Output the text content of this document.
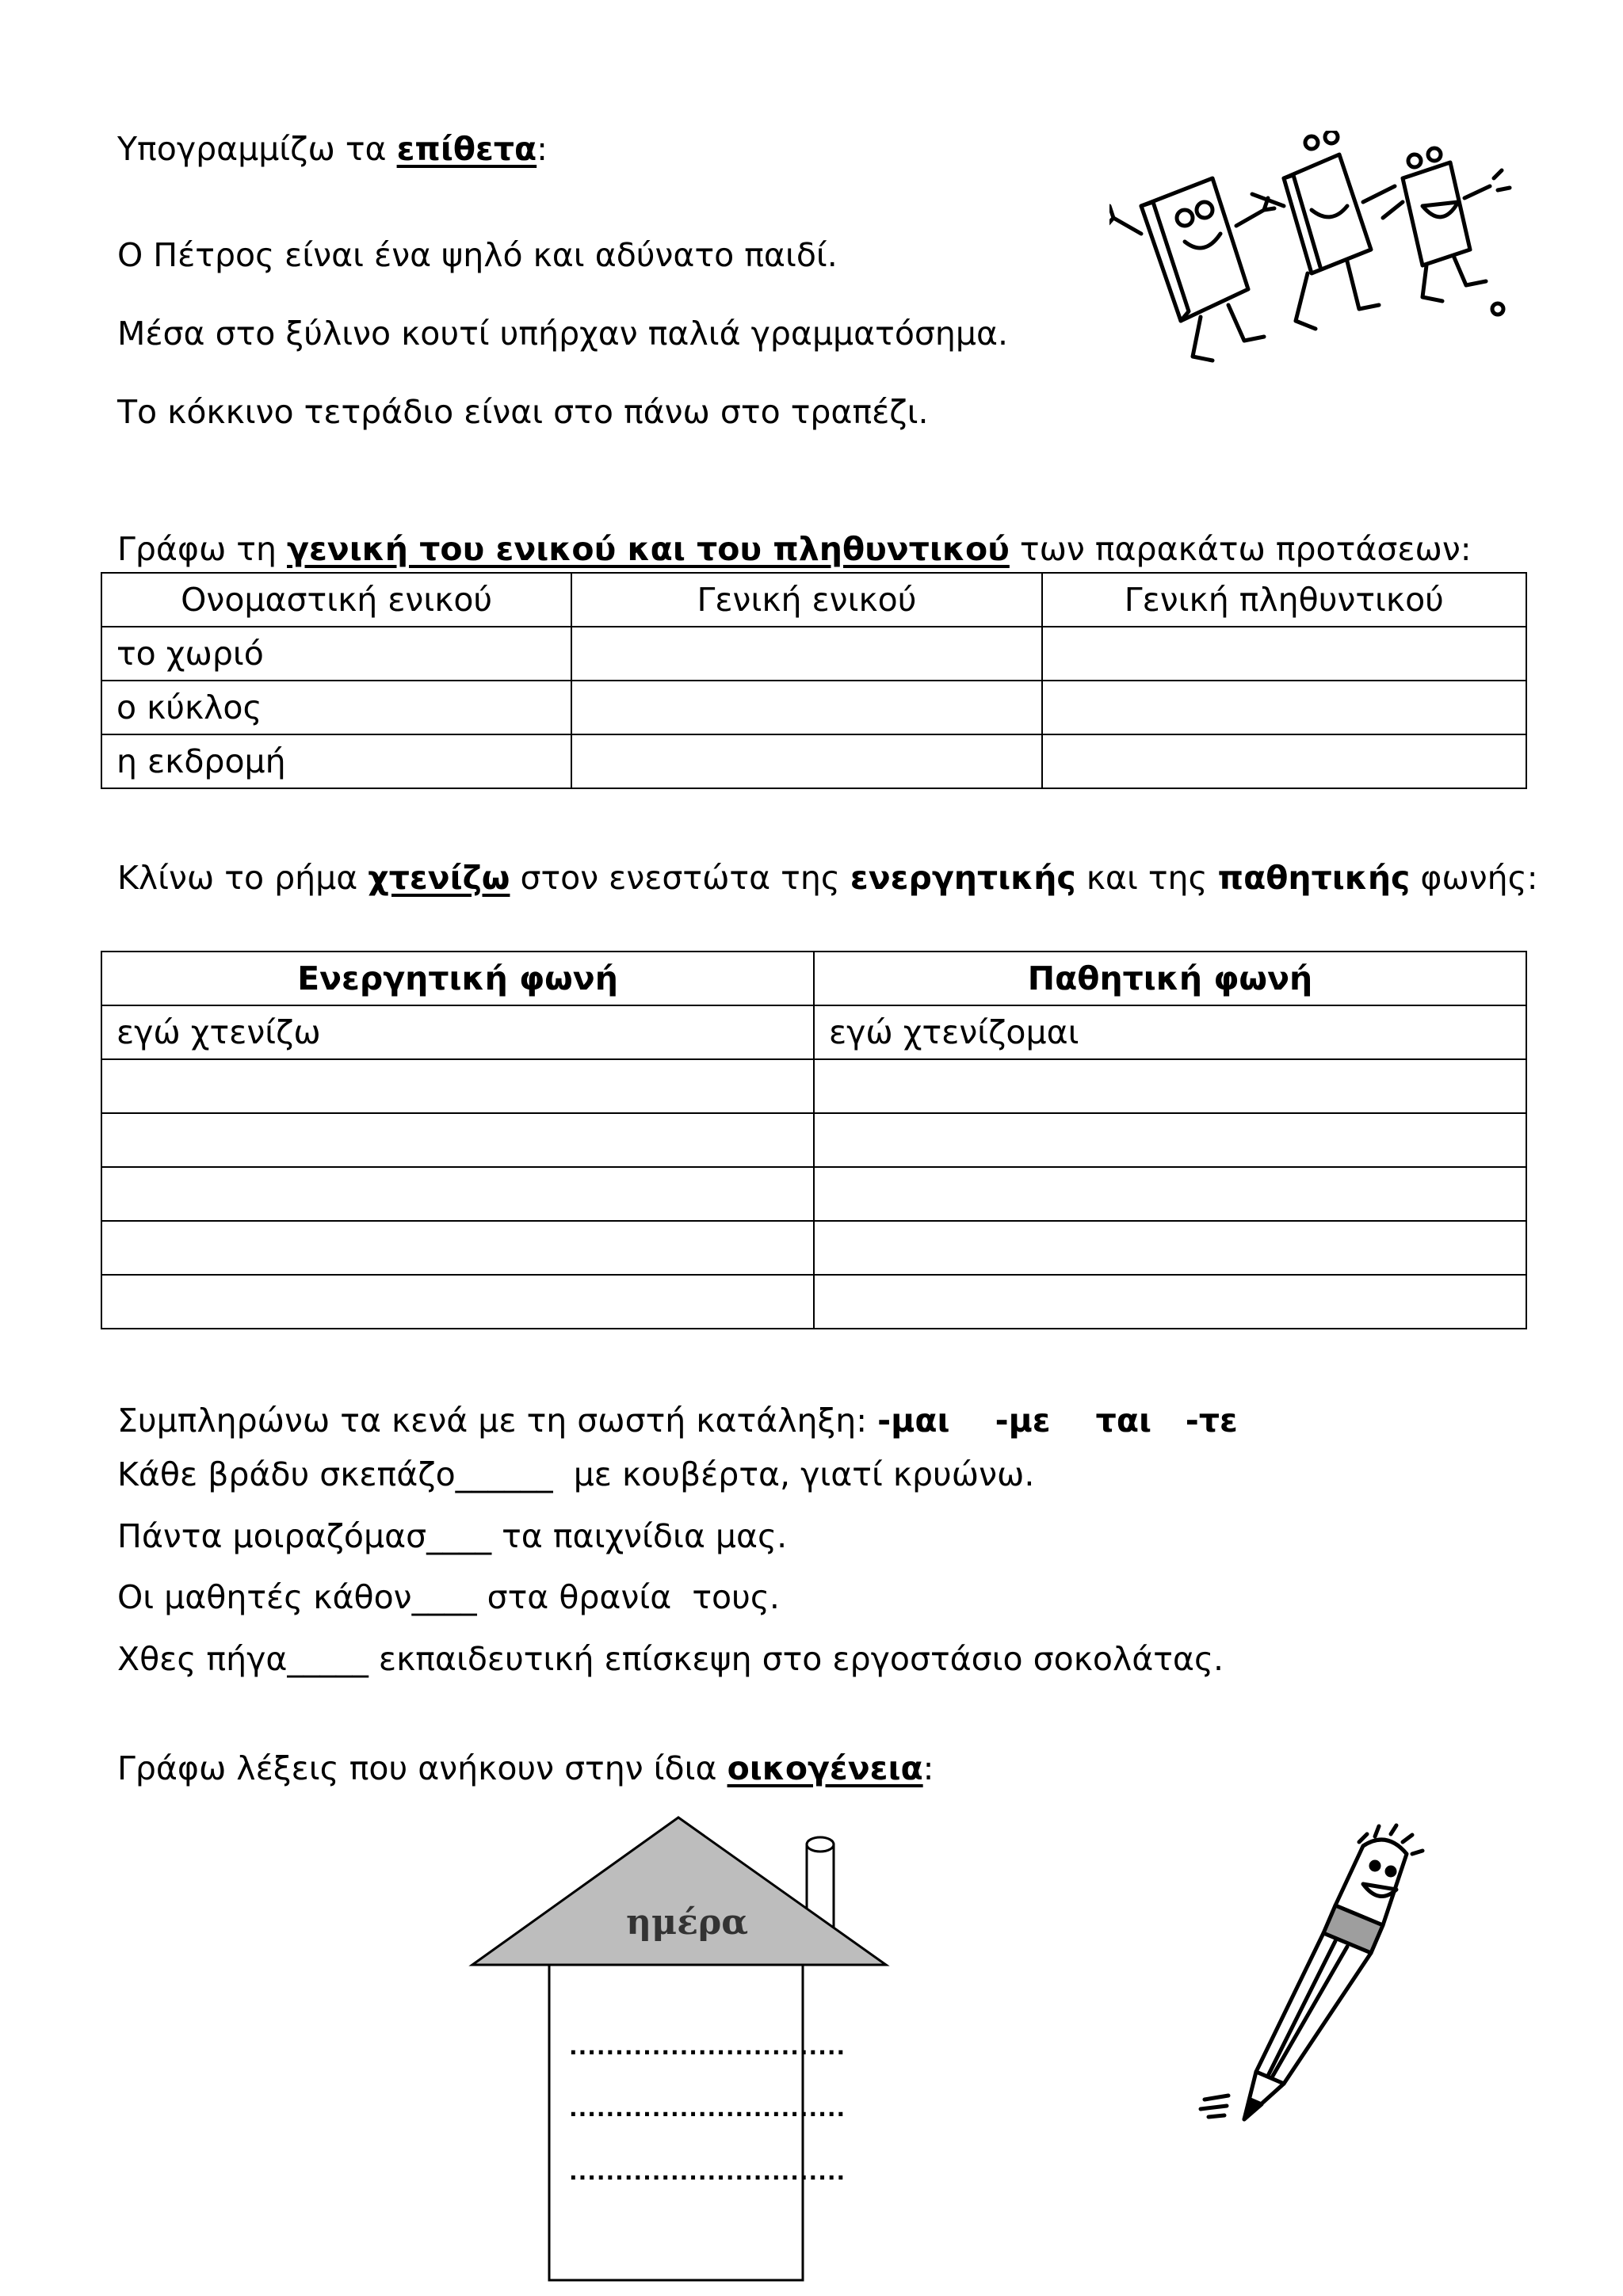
Υπογραμμίζω τα επίθετα:
Ο Πέτρος είναι ένα ψηλό και αδύνατο παιδί.
Μέσα στο ξύλινο κουτί υπήρχαν παλιά γραμματόσημα.
Το κόκκινο τετράδιο είναι στο πάνω στο τραπέζι.
Γράφω τη γενική του ενικού και του πληθυντικού των παρακάτω προτάσεων:
Ονομαστική ενικού	Γενική ενικού	Γενική πληθυντικού
το χωριό		
ο κύκλος		
η εκδρομή		
Κλίνω το ρήμα χτενίζω στον ενεστώτα της ενεργητικής και της παθητικής φωνής:
Ενεργητική φωνή	Παθητική φωνή
εγώ χτενίζω	εγώ χτενίζομαι

Συμπληρώνω τα κενά με τη σωστή κατάληξη: -μαι    -με    ται   -τε
Κάθε βράδυ σκεπάζο______  με κουβέρτα, γιατί κρυώνω.
Πάντα μοιραζόμασ____ τα παιχνίδια μας.
Οι μαθητές κάθον____ στα θρανία  τους.
Χθες πήγα_____ εκπαιδευτική επίσκεψη στο εργοστάσιο σοκολάτας.
Γράφω λέξεις που ανήκουν στην ίδια οικογένεια:
ημέρα
..............................
..............................
..............................
